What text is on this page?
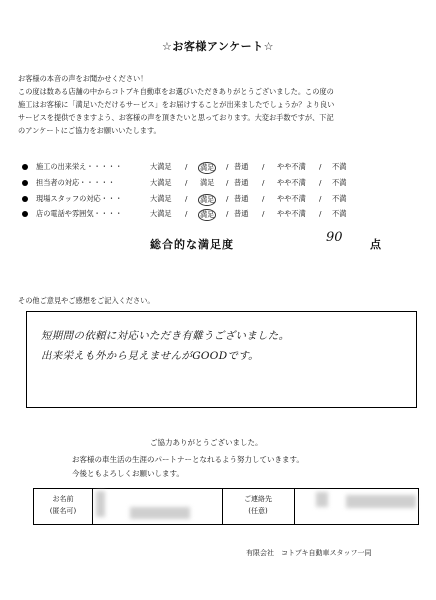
☆お客様アンケート☆
お客様の本音の声をお聞かせください！
この度は数ある店舗の中からコトブキ自動車をお選びいただきありがとうございました。この度の
施工はお客様に「満足いただけるサービス」をお届けすることが出来ましたでしょうか？より良い
サービスを提供できますよう、お客様の声を頂きたいと思っております。大変お手数ですが、下記
のアンケートにご協力をお願いいたします。
施工の出来栄え・・・・・	大満足 / 満足 / 普通 / やや不満 / 不満
担当者の対応・・・・・	大満足 / 満足 / 普通 / やや不満 / 不満
現場スタッフの対応・・・	大満足 / 満足 / 普通 / やや不満 / 不満
店の電話や雰囲気・・・・	大満足 / 満足 / 普通 / やや不満 / 不満
総合的な満足度	90 点
その他ご意見やご感想をご記入ください。
短期間の依頼に対応いただき有難うございました。
出来栄えも外から見えませんがGOODです。
ご協力ありがとうございました。
お客様の車生活の生涯のパートナーとなれるよう努力していきます。
今後ともよろしくお願いします。
お名前
(匿名可)
ご連絡先
(任意)
有限会社　コトブキ自動車スタッフ一同
